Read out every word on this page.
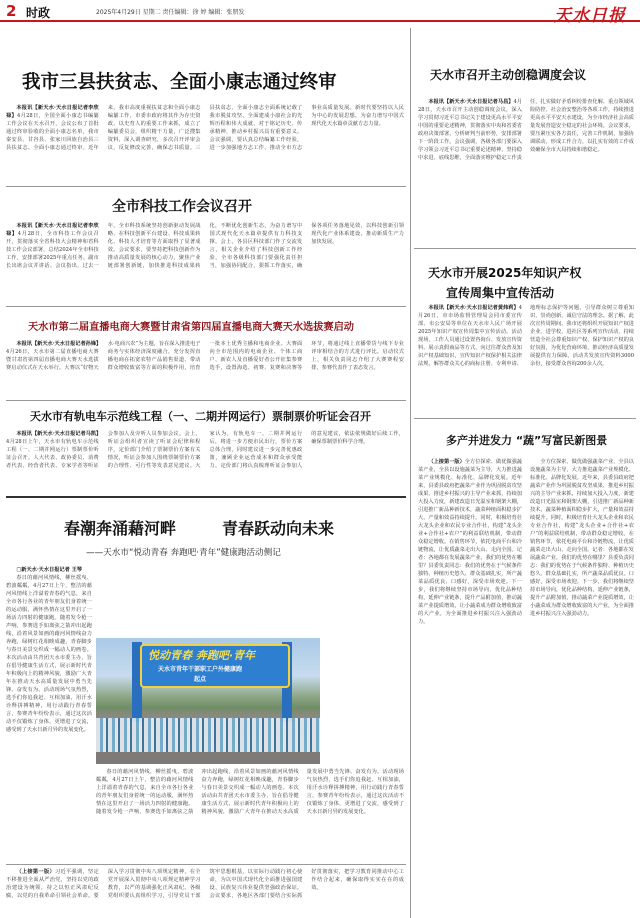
2 时政	2025年4月29日 星期二 责任编辑：徐 婷 编辑：张朋发	天水日报
我市三县扶贫志、全面小康志通过终审

本报讯【新天水·天水日报记者李欣禄】4月28日，全国全面小康志书编纂工作会议在天水召开，会议公布了首批通过终审验收的全面小康志名单，我市秦安县、甘谷县、张家川回族自治县三县扶贫志、全面小康志通过终审。近年来，我市高度重视扶贫志和全面小康志编纂工作，市委市政府将其作为存史资政、以史育人的重要工作来抓，成立了编纂委员会，组织精干力量，广泛搜集资料，深入调查研究，多次召开评审会议，反复修改完善，确保志书质量。三县扶贫志、全面小康志全面系统记载了我市脱贫攻坚、全面建成小康社会的光辉历程和伟大成就，对于铭记历史、传承精神、推动乡村振兴具有重要意义。会议强调，要认真总结编纂工作经验，进一步加强地方志工作，推动全市方志事业高质量发展。新时代要坚持以人民为中心的发展思想，为奋力谱写中国式现代化天水篇章贡献方志力量。

天水市召开主动创稳调度会议

本报讯【新天水·天水日报记者马昌】4月28日，天水市召开主动创稳调度会议，深入学习贯彻习近平总书记关于建设更高水平平安中国的重要论述精神，贯彻落实中央和省委省政府决策部署，分析研判当前形势，安排部署下一阶段工作。会议强调，各级各部门要深入学习领会习近平总书记重要论述精神，坚持稳中求进、底线思维，全面落实维护稳定工作责任，扎实做好矛盾纠纷排查化解、重点领域风险防控、社会治安整治等各项工作，持续推进更高水平平安天水建设，为全市经济社会高质量发展营造安全稳定的社会环境。会议要求，要压紧压实各方责任，完善工作机制，加强协调联动，形成工作合力，以扎实有效的工作成效确保全市大局持续和谐稳定。

全市科技工作会议召开

本报讯【新天水·天水日报记者李欣禄】4月28日，全市科技工作会议召开，贯彻落实全省科技大会精神和省科技工作会议部署，总结2024年全市科技工作，安排部署2025年重点任务。副市长出席会议并讲话。会议指出，过去一年，全市科技系统坚持创新驱动发展战略，在科技创新平台建设、科技成果转化、科技人才培育等方面取得了显著成效。会议要求，要坚持把科技创新作为推动高质量发展的核心动力，聚焦产业链部署创新链，加快推进科技成果转化，不断优化创新生态，为奋力谱写中国式现代化天水篇章提供有力科技支撑。会上，各县区科技部门作了交流发言，相关企业介绍了科技创新工作经验。全市各级科技部门要强化责任担当，加强协同配合，狠抓工作落实，确保各项任务落地见效，以科技创新引领现代化产业体系建设，推动新质生产力加快发展。

天水市开展2025年知识产权
宣传周集中宣传活动

本报讯【新天水·天水日报记者黄炜莉】4月26日，市市场监督管理局会同市委宣传部、市公安局等单位在天水市人民广场开展2025年知识产权宣传周集中宣传活动。活动现场，工作人员通过设置咨询台、发放宣传资料、展示真假商品等方式，向过往群众普及知识产权基础知识，宣传知识产权保护相关法律法规，解答群众关心的商标注册、专利申请、地理标志保护等问题，引导群众树立尊重知识、崇尚创新、诚信守法的理念。据了解，此次宣传周期间，我市还将组织开展知识产权进企业、进学校、进社区等系列宣传活动，持续营造全社会尊重知识产权、保护知识产权的良好氛围，为优化营商环境、推动经济高质量发展提供有力保障。活动共发放宣传资料3000余份，接受群众咨询200余人次。

天水市第二届直播电商大赛暨甘肃省第四届直播电商大赛天水选拔赛启动

本报讯【新天水·天水日报记者孙锋】4月26日，天水市第二届直播电商大赛暨甘肃省第四届直播电商大赛天水选拔赛启动仪式在天水举行。大赛以“好物天水·电商兴农”为主题，旨在深入推进电子商务与实体经济深度融合，充分发挥直播电商在拓宽农特产品销售渠道、带动群众增收致富等方面的积极作用，培育一批本土优秀主播和电商企业。大赛面向全市范围内的电商企业、个体工商户、新农人及直播爱好者公开征集参赛选手，设置海选、初赛、复赛和决赛等环节，将通过线上直播带货与线下专业评审相结合的方式进行评比。启动仪式上，相关负责同志介绍了大赛赛程安排，参赛代表作了表态发言。

天水市有轨电车示范线工程（一、二期并网运行）票制票价听证会召开

本报讯【新天水·天水日报记者马凯】4月28日上午，天水市有轨电车示范线工程（一、二期并网运行）票制票价听证会召开。人大代表、政协委员、消费者代表、经营者代表、专家学者等听证会参加人及旁听人员参加会议。会上，听证会组织者宣读了听证会纪律和程序，定价部门介绍了票制票价方案有关情况，听证会参加人围绕票制票价方案的合理性、可行性等发表意见建议。大家认为，有轨电车一、二期并网运行后，将进一步方便市民出行，票价方案总体合理，同时建议进一步完善优惠政策，兼顾企业运营成本和群众承受能力。定价部门将认真梳理听证会参加人的意见建议，依法依规做好后续工作，确保票制票价科学合理。

春潮奔涌藉河畔	青春跃动向未来
——天水市“悦动青春 奔跑吧·青年”健康跑活动侧记

□新天水·天水日报记者 王琴

春日的藉河风情线，柳丝摇曳、碧波粼粼，4月27日上午，整洁的藉河风情线上洋溢着青春的气息，来自全市各行各业的青年朋友们身着统一的运动服，满怀热情在这里开启了一场活力四射的健康跑。随着发令枪一声响，参赛选手如离弦之箭冲出起跑线，沿着风景如画的藉河风情线奋力奔跑，绿树红花相映成趣，青春脚步与春日美景交织成一幅动人的画卷。本次活动由共青团天水市委主办，旨在倡导健康生活方式，展示新时代青年积极向上的精神风貌，激励广大青年在推动天水高质量发展中勇当先锋、奋发有为。活动现场气氛热烈，选手们你追我赶、互相加油，用汗水诠释拼搏精神，用行动践行青春誓言，参赛青年纷纷表示，通过这次活动不仅锻炼了身体，更增进了交流，感受到了天水日新月异的发展变化。

悦动青春 奔跑吧·青年
天水市青年干部职工户外健康跑
起点

春日的藉河风情线，柳丝摇曳、碧波粼粼，4月27日上午，整洁的藉河风情线上洋溢着青春的气息，来自全市各行各业的青年朋友们身着统一的运动服，满怀热情在这里开启了一场活力四射的健康跑。随着发令枪一声响，参赛选手如离弦之箭冲出起跑线，沿着风景如画的藉河风情线奋力奔跑，绿树红花相映成趣，青春脚步与春日美景交织成一幅动人的画卷。本次活动由共青团天水市委主办，旨在倡导健康生活方式，展示新时代青年积极向上的精神风貌，激励广大青年在推动天水高质量发展中勇当先锋、奋发有为。活动现场气氛热烈，选手们你追我赶、互相加油，用汗水诠释拼搏精神，用行动践行青春誓言，参赛青年纷纷表示，通过这次活动不仅锻炼了身体，更增进了交流，感受到了天水日新月异的发展变化。

（上接第一版）习近平强调，坚定不移推进全面从严治党，坚持以党的政治建设为统领，持之以恒正风肃纪反腐，以党的自我革命引领社会革命。要深入学习贯彻中央八项规定精神，在全党开展深入贯彻中央八项规定精神学习教育，以严的基调强化正风肃纪。各级党组织要认真组织学习，引导党员干部筑牢思想根基，以实际行动践行初心使命，为以中国式现代化全面推进强国建设、民族复兴伟业提供坚强政治保证。会议要求，各地区各部门要结合实际抓好贯彻落实，把学习教育同推动中心工作结合起来，确保取得实实在在的成效。

多产并进发力 “蔬”写富民新图景

（上接第一版）全方位探索、做优做强蔬菜产业，全县以设施蔬菜为主导，大力推进蔬菜产业规模化、标准化、品牌化发展。近年来，县委县政府把蔬菜产业作为巩固脱贫攻坚成果、推进乡村振兴的主导产业来抓，持续加大投入力度，新建改造日光温室和钢架大棚，引进推广新品种新技术，蔬菜种植面积稳步扩大，产量和效益持续提升。同时，积极培育壮大龙头企业和农民专业合作社，构建“龙头企业+合作社+农户”的利益联结机制，带动群众稳定增收。在销售环节，依托电商平台和冷链物流，让优质蔬菜走出大山、走向全国。记者：各地都在发展蔬菜产业，我们的优势在哪里？县委负责同志：我们的优势在于气候条件独特、种植历史悠久、群众基础扎实，所产蔬菜品质优良、口感好，深受市场欢迎。下一步，我们将继续坚持市场导向，优化品种结构，延伸产业链条，提升产品附加值，推动蔬菜产业提质增效，让小蔬菜成为群众增收致富的大产业，为全面推进乡村振兴注入强劲动力。

全方位探索、做优做强蔬菜产业，全县以设施蔬菜为主导，大力推进蔬菜产业规模化、标准化、品牌化发展。近年来，县委县政府把蔬菜产业作为巩固脱贫攻坚成果、推进乡村振兴的主导产业来抓，持续加大投入力度，新建改造日光温室和钢架大棚，引进推广新品种新技术，蔬菜种植面积稳步扩大，产量和效益持续提升。同时，积极培育壮大龙头企业和农民专业合作社，构建“龙头企业+合作社+农户”的利益联结机制，带动群众稳定增收。在销售环节，依托电商平台和冷链物流，让优质蔬菜走出大山、走向全国。记者：各地都在发展蔬菜产业，我们的优势在哪里？县委负责同志：我们的优势在于气候条件独特、种植历史悠久、群众基础扎实，所产蔬菜品质优良、口感好，深受市场欢迎。下一步，我们将继续坚持市场导向，优化品种结构，延伸产业链条，提升产品附加值，推动蔬菜产业提质增效，让小蔬菜成为群众增收致富的大产业，为全面推进乡村振兴注入强劲动力。
